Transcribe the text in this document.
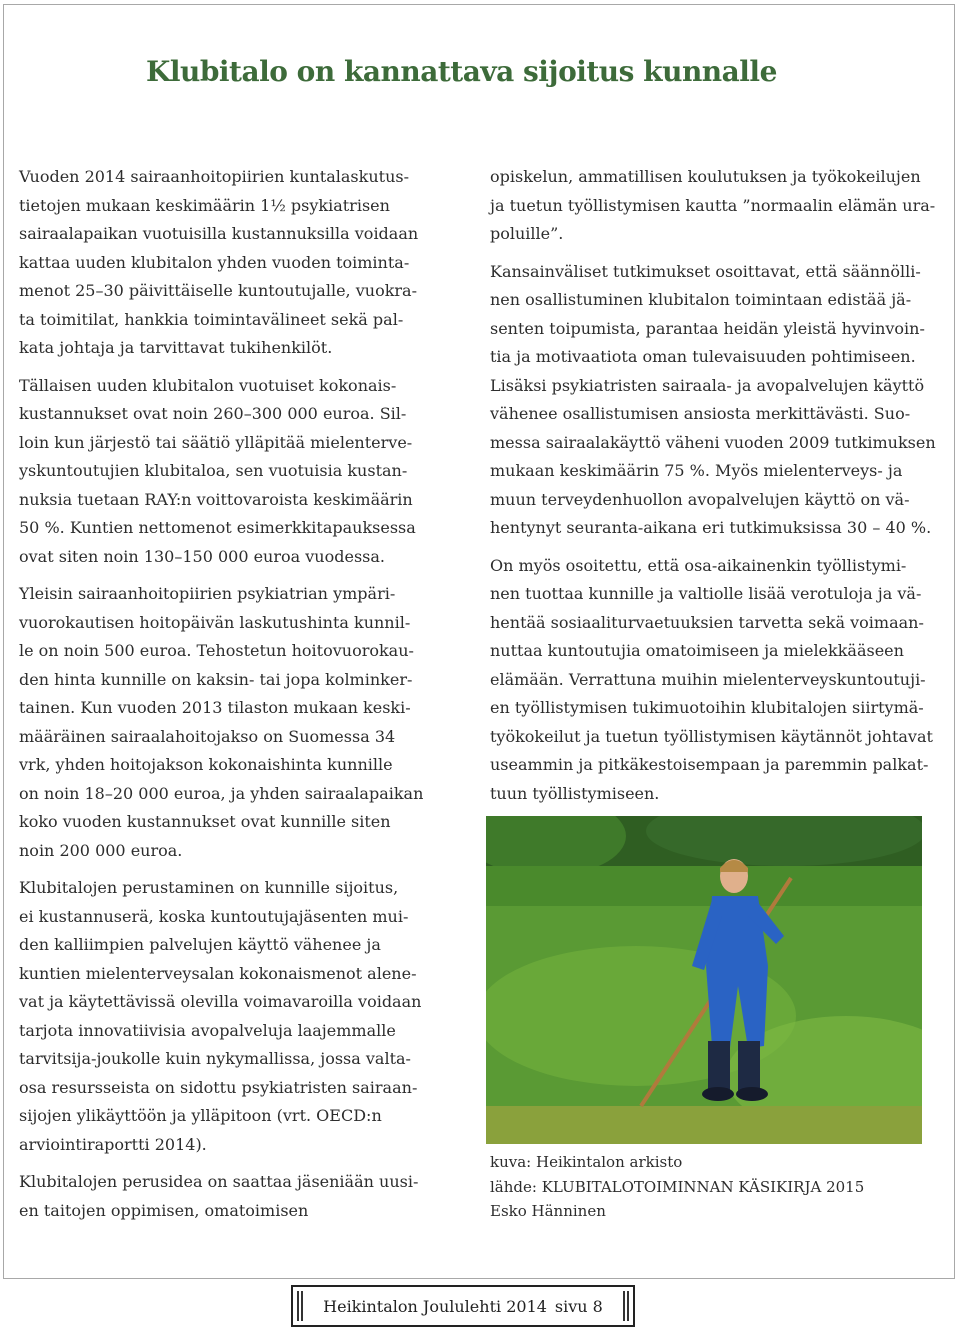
Klubitalo on kannattava sijoitus kunnalle

Vuoden 2014 sairaanhoitopiirien kuntalaskutus-
tietojen mukaan keskimäärin 1½ psykiatrisen
sairaalapaikan vuotuisilla kustannuksilla voidaan
kattaa uuden klubitalon yhden vuoden toiminta-
menot 25–30 päivittäiselle kuntoutujalle, vuokra-
ta toimitilat, hankkia toimintavälineet sekä pal-
kata johtaja ja tarvittavat tukihenkilöt.

Tällaisen uuden klubitalon vuotuiset kokonais-
kustannukset ovat noin 260–300 000 euroa. Sil-
loin kun järjestö tai säätiö ylläpitää mielenterve-
yskuntoutujien klubitaloa, sen vuotuisia kustan-
nuksia tuetaan RAY:n voittovaroista keskimäärin
50 %. Kuntien nettomenot esimerkkitapauksessa
ovat siten noin 130–150 000 euroa vuodessa.

Yleisin sairaanhoitopiirien psykiatrian ympäri-
vuorokautisen hoitopäivän laskutushinta kunnil-
le on noin 500 euroa. Tehostetun hoitovuorokau-
den hinta kunnille on kaksin- tai jopa kolminker-
tainen. Kun vuoden 2013 tilaston mukaan keski-
määräinen sairaalahoitojakso on Suomessa 34
vrk, yhden hoitojakson kokonaishinta kunnille
on noin 18–20 000 euroa, ja yhden sairaalapaikan
koko vuoden kustannukset ovat kunnille siten
noin 200 000 euroa.

Klubitalojen perustaminen on kunnille sijoitus,
ei kustannuserä, koska kuntoutujajäsenten mui-
den kalliimpien palvelujen käyttö vähenee ja
kuntien mielenterveysalan kokonaismenot alene-
vat ja käytettävissä olevilla voimavaroilla voidaan
tarjota innovatiivisia avopalveluja laajemmalle
tarvitsija-joukolle kuin nykymallissa, jossa valta-
osa resursseista on sidottu psykiatristen sairaan-
sijojen ylikäyttöön ja ylläpitoon (vrt. OECD:n
arviointiraportti 2014).

Klubitalojen perusidea on saattaa jäseniään uusi-
en taitojen oppimisen, omatoimisen

opiskelun, ammatillisen koulutuksen ja työkokeilujen
ja tuetun työllistymisen kautta ”normaalin elämän ura-
poluille”.

Kansainväliset tutkimukset osoittavat, että säännölli-
nen osallistuminen klubitalon toimintaan edistää jä-
senten toipumista, parantaa heidän yleistä hyvinvoin-
tia ja motivaatiota oman tulevaisuuden pohtimiseen.
Lisäksi psykiatristen sairaala- ja avopalvelujen käyttö
vähenee osallistumisen ansiosta merkittävästi. Suo-
messa sairaalakäyttö väheni vuoden 2009 tutkimuksen
mukaan keskimäärin 75 %. Myös mielenterveys- ja
muun terveydenhuollon avopalvelujen käyttö on vä-
hentynyt seuranta-aikana eri tutkimuksissa 30 – 40 %.

On myös osoitettu, että osa-aikainenkin työllistymi-
nen tuottaa kunnille ja valtiolle lisää verotuloja ja vä-
hentää sosiaaliturvaetuuksien tarvetta sekä voimaan-
nuttaa kuntoutujia omatoimiseen ja mielekkääseen
elämään. Verrattuna muihin mielenterveyskuntoutuji-
en työllistymisen tukimuotoihin klubitalojen siirtymä-
työkokeilut ja tuetun työllistymisen käytännöt johtavat
useammin ja pitkäkestoisempaan ja paremmin palkat-
tuun työllistymiseen.

kuva: Heikintalon arkisto
lähde: KLUBITALOTOIMINNAN KÄSIKIRJA 2015
Esko Hänninen
Heikintalon Joululehti 2014 sivu 8
